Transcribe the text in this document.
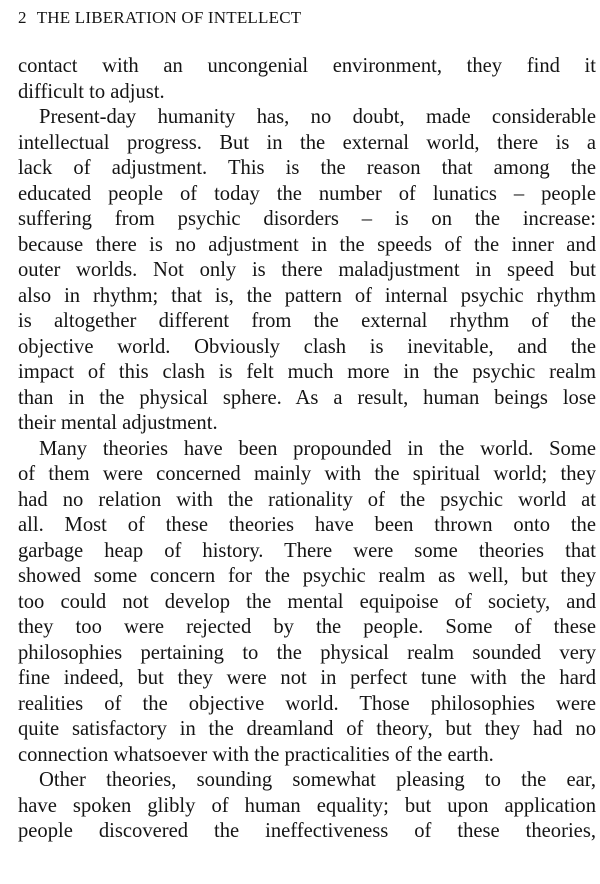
2 THE LIBERATION OF INTELLECT
contact with an uncongenial environment, they find it
difficult to adjust.
Present-day humanity has, no doubt, made considerable
intellectual progress. But in the external world, there is a
lack of adjustment. This is the reason that among the
educated people of today the number of lunatics – people
suffering from psychic disorders – is on the increase:
because there is no adjustment in the speeds of the inner and
outer worlds. Not only is there maladjustment in speed but
also in rhythm; that is, the pattern of internal psychic rhythm
is altogether different from the external rhythm of the
objective world. Obviously clash is inevitable, and the
impact of this clash is felt much more in the psychic realm
than in the physical sphere. As a result, human beings lose
their mental adjustment.
Many theories have been propounded in the world. Some
of them were concerned mainly with the spiritual world; they
had no relation with the rationality of the psychic world at
all. Most of these theories have been thrown onto the
garbage heap of history. There were some theories that
showed some concern for the psychic realm as well, but they
too could not develop the mental equipoise of society, and
they too were rejected by the people. Some of these
philosophies pertaining to the physical realm sounded very
fine indeed, but they were not in perfect tune with the hard
realities of the objective world. Those philosophies were
quite satisfactory in the dreamland of theory, but they had no
connection whatsoever with the practicalities of the earth.
Other theories, sounding somewhat pleasing to the ear,
have spoken glibly of human equality; but upon application
people discovered the ineffectiveness of these theories,
